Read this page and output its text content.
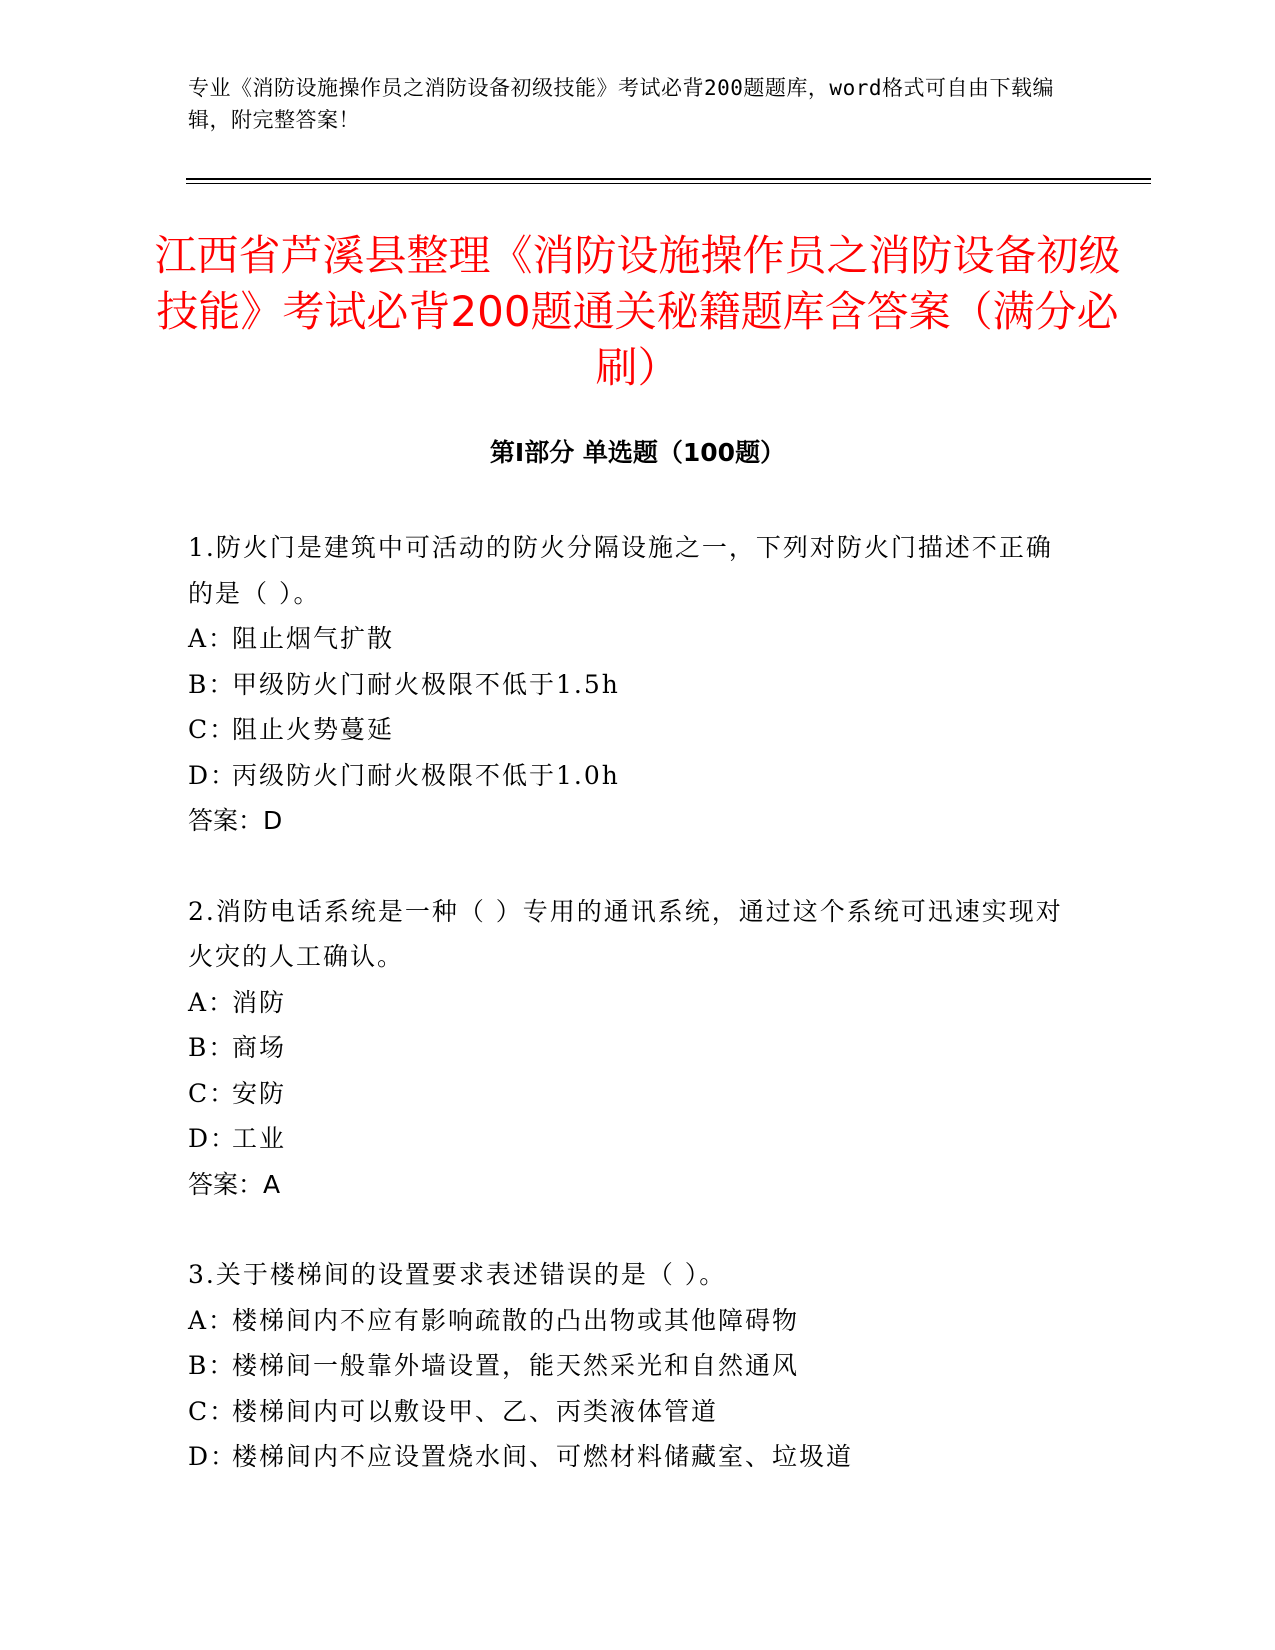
专业《消防设施操作员之消防设备初级技能》考试必背200题题库，word格式可自由下载编辑，附完整答案！
江西省芦溪县整理《消防设施操作员之消防设备初级技能》考试必背200题通关秘籍题库含答案（满分必刷）
第Ⅰ部分 单选题（100题）

1.防火门是建筑中可活动的防火分隔设施之一，下列对防火门描述不正确的是（ ）。

A：
阻止烟气扩散
B：
甲级防火门耐火极限不低于1.5h
C：
阻止火势蔓延
D：
丙级防火门耐火极限不低于1.0h

答案：D

2.消防电话系统是一种（ ）专用的通讯系统，通过这个系统可迅速实现对火灾的人工确认。

A：
消防
B：
商场
C：
安防
D：
工业

答案：A

3.关于楼梯间的设置要求表述错误的是（ ）。

A：
楼梯间内不应有影响疏散的凸出物或其他障碍物
B：
楼梯间一般靠外墙设置，能天然采光和自然通风
C：
楼梯间内可以敷设甲、乙、丙类液体管道
D：
楼梯间内不应设置烧水间、可燃材料储藏室、垃圾道
